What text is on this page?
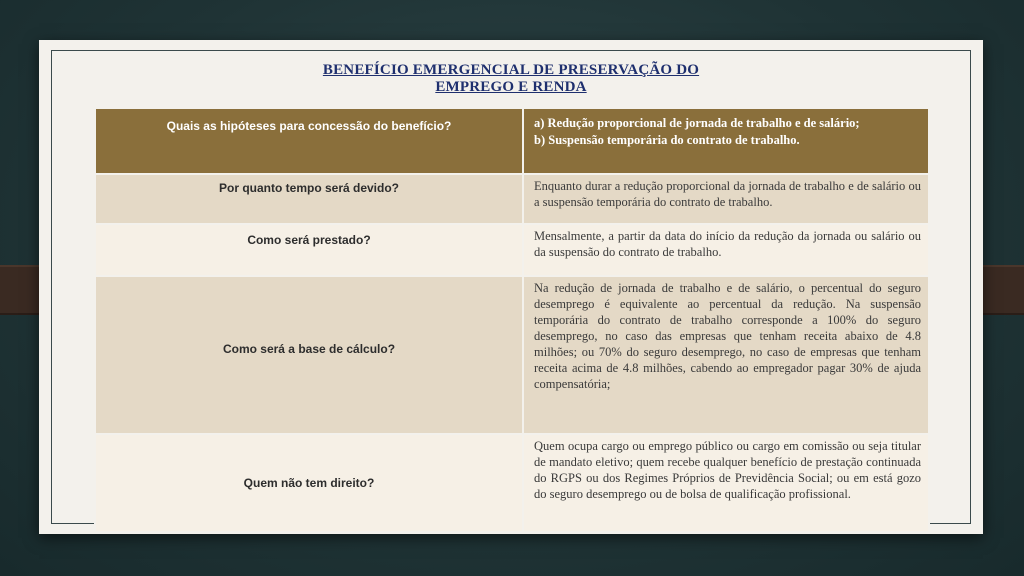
BENEFÍCIO EMERGENCIAL DE PRESERVAÇÃO DO
EMPREGO E RENDA
Quais as hipóteses para concessão do benefício?	a) Redução proporcional de jornada de trabalho e de salário;
b) Suspensão temporária do contrato de trabalho.

Por quanto tempo será devido?	Enquanto durar a redução proporcional da jornada de trabalho e de salário ou a suspensão temporária do contrato de trabalho.
Como será prestado?	Mensalmente, a partir da data do início da redução da jornada ou salário ou da suspensão do contrato de trabalho.
Como será a base de cálculo?	Na redução de jornada de trabalho e de salário, o percentual do seguro desemprego é equivalente ao percentual da redução. Na suspensão temporária do contrato de trabalho corresponde a 100% do seguro desemprego, no caso das empresas que tenham receita abaixo de 4.8 milhões; ou 70% do seguro desemprego, no caso de empresas que tenham receita acima de 4.8 milhões, cabendo ao empregador pagar 30% de ajuda compensatória;
Quem não tem direito?	Quem ocupa cargo ou emprego público ou cargo em comissão ou seja titular de mandato eletivo; quem recebe qualquer benefício de prestação continuada do RGPS ou dos Regimes Próprios de Previdência Social; ou em está gozo do seguro desemprego ou de bolsa de qualificação profissional.
